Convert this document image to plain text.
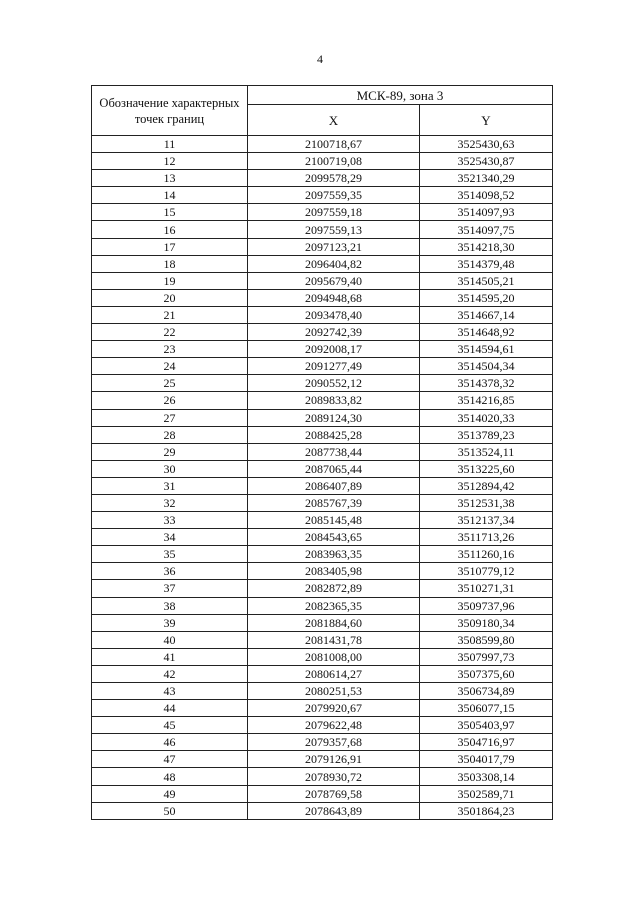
4
Обозначение характерных точек границ	МСК-89, зона 3	
	X	Y
11	2100718,67	3525430,63
12	2100719,08	3525430,87
13	2099578,29	3521340,29
14	2097559,35	3514098,52
15	2097559,18	3514097,93
16	2097559,13	3514097,75
17	2097123,21	3514218,30
18	2096404,82	3514379,48
19	2095679,40	3514505,21
20	2094948,68	3514595,20
21	2093478,40	3514667,14
22	2092742,39	3514648,92
23	2092008,17	3514594,61
24	2091277,49	3514504,34
25	2090552,12	3514378,32
26	2089833,82	3514216,85
27	2089124,30	3514020,33
28	2088425,28	3513789,23
29	2087738,44	3513524,11
30	2087065,44	3513225,60
31	2086407,89	3512894,42
32	2085767,39	3512531,38
33	2085145,48	3512137,34
34	2084543,65	3511713,26
35	2083963,35	3511260,16
36	2083405,98	3510779,12
37	2082872,89	3510271,31
38	2082365,35	3509737,96
39	2081884,60	3509180,34
40	2081431,78	3508599,80
41	2081008,00	3507997,73
42	2080614,27	3507375,60
43	2080251,53	3506734,89
44	2079920,67	3506077,15
45	2079622,48	3505403,97
46	2079357,68	3504716,97
47	2079126,91	3504017,79
48	2078930,72	3503308,14
49	2078769,58	3502589,71
50	2078643,89	3501864,23
